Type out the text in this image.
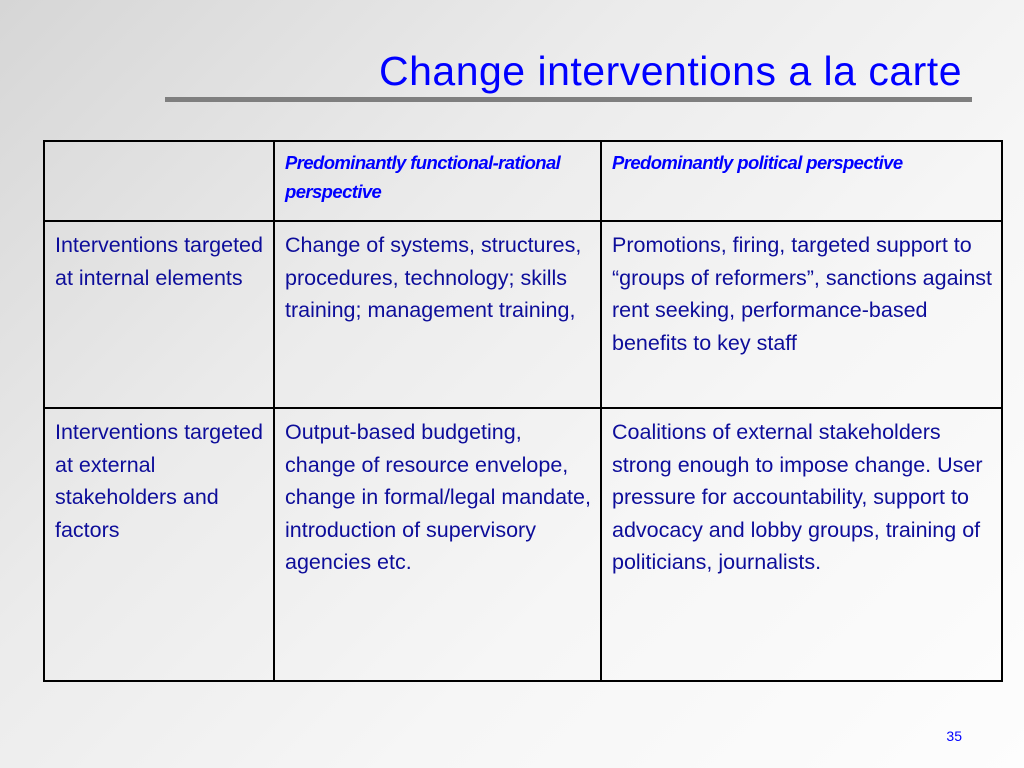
Change interventions a la carte
	Predominantly functional-rational perspective	Predominantly political perspective
Interventions targeted at internal elements	Change of systems, structures, procedures, technology; skills training; management training,	Promotions, firing, targeted support to “groups of reformers”, sanctions against rent seeking, performance-based benefits to key staff
Interventions targeted at external stakeholders and factors	Output-based budgeting, change of resource envelope, change in formal/legal mandate, introduction of supervisory agencies etc.	Coalitions of external stakeholders strong enough to impose change. User pressure for accountability, support to advocacy and lobby groups, training of politicians, journalists.
35
